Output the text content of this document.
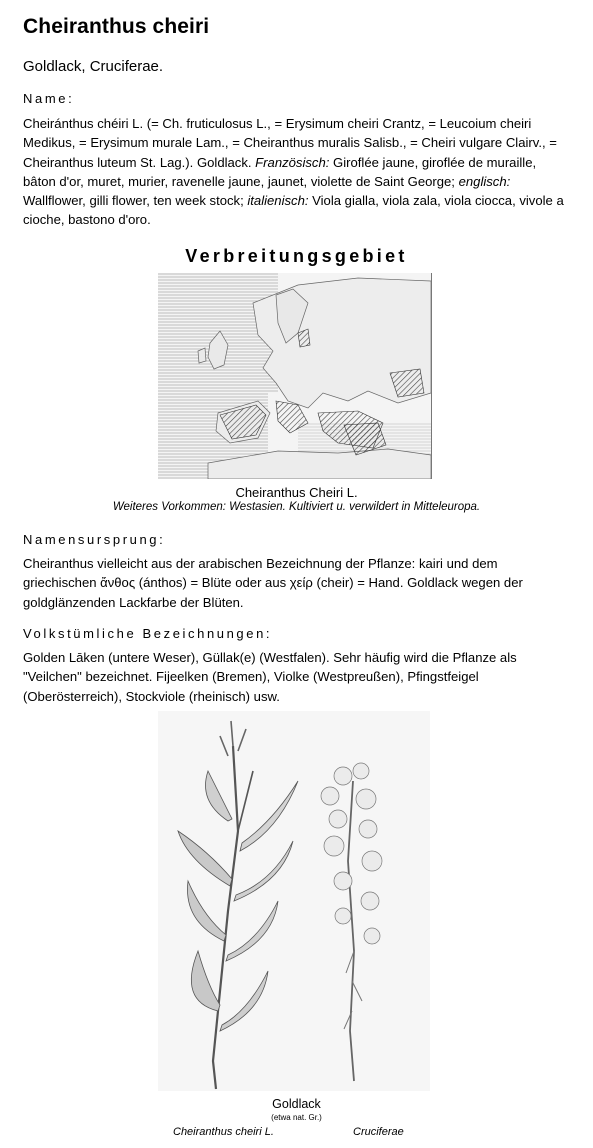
Cheiranthus cheiri
Goldlack, Cruciferae.
Name:
Cheiránthus chéiri L. (= Ch. fruticulosus L., = Erysimum cheiri Crantz, = Leucoium cheiri Medikus, = Erysimum murale Lam., = Cheiranthus muralis Salisb., = Cheiri vulgare Clairv., = Cheiranthus luteum St. Lag.). Goldlack. Französisch: Giroflée jaune, giroflée de muraille, bâton d'or, muret, murier, ravenelle jaune, jaunet, violette de Saint George; englisch: Wallflower, gilli flower, ten week stock; italienisch: Viola gialla, viola zala, viola ciocca, vivole a cioche, bastono d'oro.
Verbreitungsgebiet
Cheiranthus Cheiri L.
Weiteres Vorkommen: Westasien. Kultiviert u. verwildert in Mitteleuropa.
Namensursprung:
Cheiranthus vielleicht aus der arabischen Bezeichnung der Pflanze: kairi und dem griechischen ἄνθος (ánthos) = Blüte oder aus χείρ (cheir) = Hand. Goldlack wegen der goldglänzenden Lackfarbe der Blüten.
Volkstümliche Bezeichnungen:
Golden Lāken (untere Weser), Güllak(e) (Westfalen). Sehr häufig wird die Pflanze als "Veilchen" bezeichnet. Fijeelken (Bremen), Violke (Westpreußen), Pfingstfeigel (Oberösterreich), Stockviole (rheinisch) usw.
Goldlack
(etwa nat. Gr.)
Cheiranthus cheiri L.	Cruciferae
